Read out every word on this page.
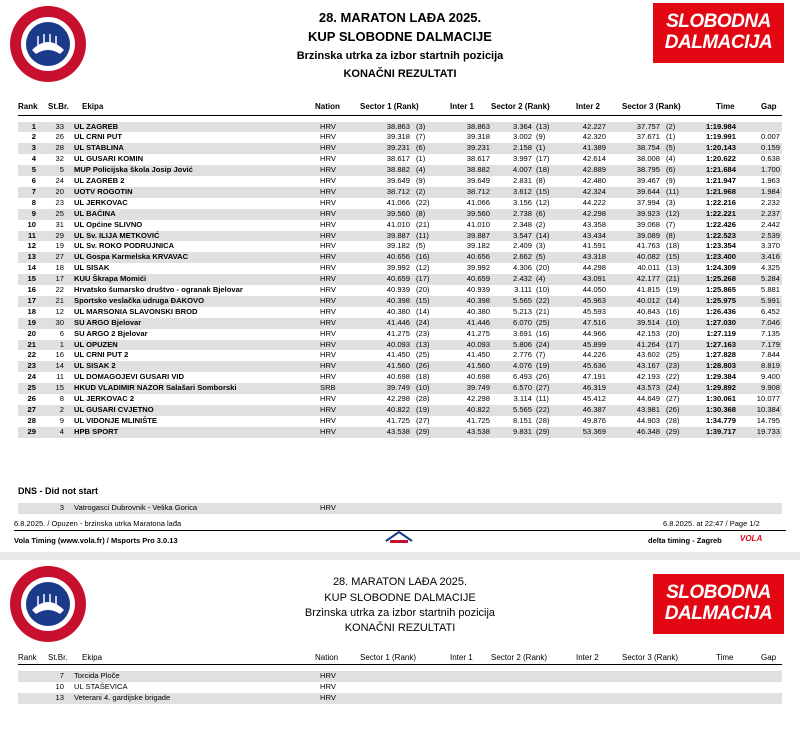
SLOBODNA
DALMACIJA
28. MARATON LAĐA 2025.
KUP SLOBODNE DALMACIJE
Brzinska utrka za izbor startnih pozicija
KONAČNI REZULTATI
Rank St.Br. Ekipa	Nation	Sector 1 (Rank)	Inter 1 Sector 2 (Rank)	Inter 2	Sector 3 (Rank)	Time	Gap
1	33 UL ZAGREB	HRV	38.863 (3)	38.863	3.364 (13)	42.227	37.757 (2)	1:19.984
2	26 UL CRNI PUT	HRV	39.318 (7)	39.318	3.002 (9)	42.320	37.671 (1)	1:19.991	0.007
3	28 UL STABLINA	HRV	39.231 (6)	39.231	2.158 (1)	41.389	38.754 (5)	1:20.143	0.159
4	32 UL GUSARI KOMIN	HRV	38.617 (1)	38.617	3.997 (17)	42.614	38.008 (4)	1:20.622	0.638
5	5 MUP Policijska škola Josip Jović	HRV	38.882 (4)	38.882	4.007 (18)	42.889	38.795 (6)	1:21.684	1.700
6	24 UL ZAGREB 2	HRV	39.649 (9)	39.649	2.831 (8)	42.480	39.467 (9)	1:21.947	1.963
7	20 UOTV ROGOTIN	HRV	38.712 (2)	38.712	3.612 (15)	42.324	39.644 (11)	1:21.968	1.984
8	23 UL JERKOVAC	HRV	41.066 (22)	41.066	3.156 (12)	44.222	37.994 (3)	1:22.216	2.232
9	25 UL BAĆINA	HRV	39.560 (8)	39.560	2.738 (6)	42.298	39.923 (12)	1:22.221	2.237
10	31 UL Općine SLIVNO	HRV	41.010 (21)	41.010	2.348 (2)	43.358	39.068 (7)	1:22.426	2.442
11	29 UL Sv. ILIJA METKOVIĆ	HRV	39.887 (11)	39.887	3.547 (14)	43.434	39.089 (8)	1:22.523	2.539
12	19 UL Sv. ROKO PODRUJNICA	HRV	39.182 (5)	39.182	2.409 (3)	41.591	41.763 (18)	1:23.354	3.370
13	27 UL Gospa Karmelska KRVAVAC	HRV	40.656 (16)	40.656	2.662 (5)	43.318	40.082 (15)	1:23.400	3.416
14	18 UL SISAK	HRV	39.992 (12)	39.992	4.306 (20)	44.298	40.011 (13)	1:24.309	4.325
15	17 KUU Škrapa Momići	HRV	40.659 (17)	40.659	2.432 (4)	43.091	42.177 (21)	1:25.268	5.284
16	22 Hrvatsko šumarsko društvo - ogranak Bjelovar	HRV	40.939 (20)	40.939	3.111 (10)	44.050	41.815 (19)	1:25.865	5.881
17	21 Sportsko veslačka udruga ĐAKOVO	HRV	40.398 (15)	40.398	5.565 (22)	45.963	40.012 (14)	1:25.975	5.991
18	12 UL MARSONIA SLAVONSKI BROD	HRV	40.380 (14)	40.380	5.213 (21)	45.593	40.843 (16)	1:26.436	6.452
19	30 SU ARGO Bjelovar	HRV	41.446 (24)	41.446	6.070 (25)	47.516	39.514 (10)	1:27.030	7.046
20	6 SU ARGO 2 Bjelovar	HRV	41.275 (23)	41.275	3.691 (16)	44.966	42.153 (20)	1:27.119	7.135
21	1 UL OPUZEN	HRV	40.093 (13)	40.093	5.806 (24)	45.899	41.264 (17)	1:27.163	7.179
22	16 UL CRNI PUT 2	HRV	41.450 (25)	41.450	2.776 (7)	44.226	43.602 (25)	1:27.828	7.844
23	14 UL SISAK 2	HRV	41.560 (26)	41.560	4.076 (19)	45.636	43.167 (23)	1:28.803	8.819
24	11 UL DOMAGOJEVI GUSARI VID	HRV	40.698 (18)	40.698	6.493 (26)	47.191	42.193 (22)	1:29.384	9.400
25	15 HKUD VLADIMIR NAZOR Salašari Somborski	SRB	39.749 (10)	39.749	6.570 (27)	46.319	43.573 (24)	1:29.892	9.908
26	8 UL JERKOVAC 2	HRV	42.298 (28)	42.298	3.114 (11)	45.412	44.649 (27)	1:30.061	10.077
27	2 UL GUSARI CVJETNO	HRV	40.822 (19)	40.822	5.565 (22)	46.387	43.981 (26)	1:30.368	10.384
28	9 UL VIDONJE MLINIŠTE	HRV	41.725 (27)	41.725	8.151 (28)	49.876	44.903 (28)	1:34.779	14.795
29	4 HPB SPORT	HRV	43.538 (29)	43.538	9.831 (29)	53.369	46.348 (29)	1:39.717	19.733
DNS - Did not start
3 Vatrogasci Dubrovnik - Velika Gorica	HRV
6.8.2025. / Opuzen - brzinska utrka Maratona lađa	6.8.2025. at 22:47 / Page 1/2
Vola Timing (www.vola.fr) / Msports Pro 3.0.13	delta timing - Zagreb VOLA
SLOBODNA
DALMACIJA
28. MARATON LAĐA 2025.
KUP SLOBODNE DALMACIJE
Brzinska utrka za izbor startnih pozicija
KONAČNI REZULTATI
Rank St.Br. Ekipa	Nation	Sector 1 (Rank)	Inter 1 Sector 2 (Rank)	Inter 2	Sector 3 (Rank)	Time	Gap
7 Torcida Ploče	HRV
10 UL STAŠEVICA	HRV
13 Veterani 4. gardijske brigade	HRV
